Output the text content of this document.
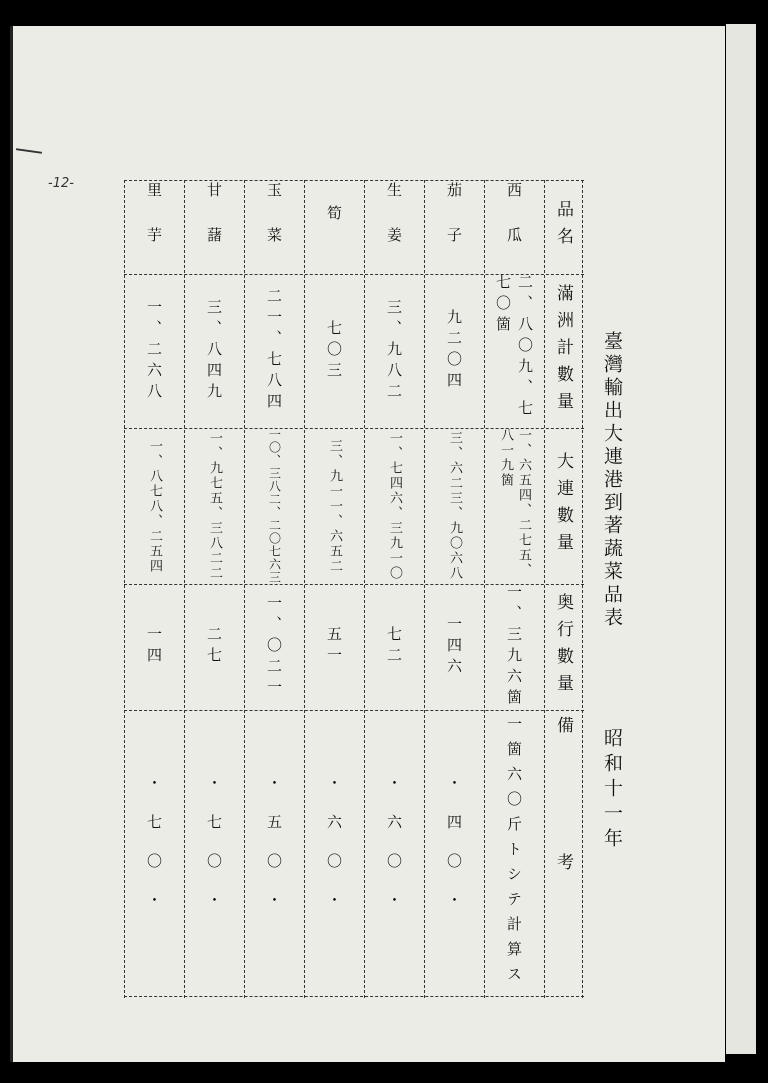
-12-
臺灣輸出大連港到著蔬菜品表
昭和十一年
品名
滿洲計數量
大連數量
奥行數量
備考
西瓜
二、八〇九、七七〇箇
一、六五四、二七五、八一九箇
一、三九六箇
一箇六〇斤トシテ計算ス
茄子
九二〇四
三、六二三、九〇六八
一四六
・四〇・
生姜
三、九八二
一、七四六、三九一〇
七二
・六〇・
筍
七〇三
三、九一一、六五二
五一
・六〇・
玉菜
二一、七八四
一〇、三八二、二〇七六三
一、〇二一
・五〇・
甘藷
三、八四九
一、九七五、三八二二
二七
・七〇・
里芋
一、二六八
一、八七八、二五四
一四
・七〇・
